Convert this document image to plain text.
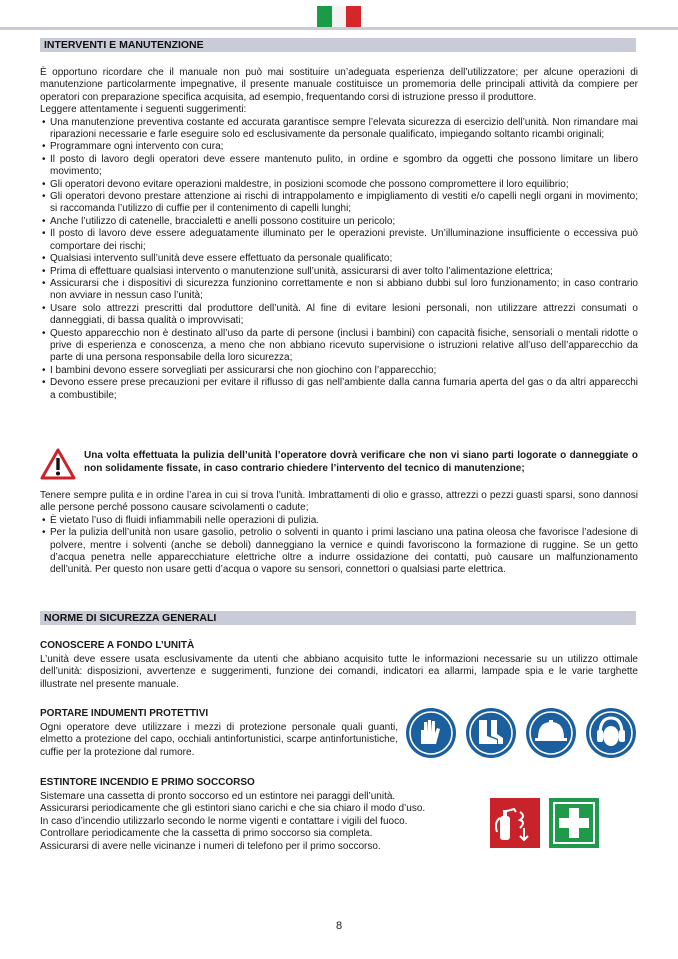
INTERVENTI E MANUTENZIONE

È opportuno ricordare che il manuale non può mai sostituire un’adeguata esperienza dell’utilizzatore; per alcune operazioni di manutenzione particolarmente impegnative, il presente manuale costituisce un promemoria delle principali attività da compiere per operatori con preparazione specifica acquisita, ad esempio, frequentando corsi di istruzione presso il produttore.

Leggere attentamente i seguenti suggerimenti:

• Una manutenzione preventiva costante ed accurata garantisce sempre l’elevata sicurezza di esercizio dell’unità. Non rimandare mai riparazioni necessarie e farle eseguire solo ed esclusivamente da personale qualificato, impiegando soltanto ricambi originali;
• Programmare ogni intervento con cura;
• Il posto di lavoro degli operatori deve essere mantenuto pulito, in ordine e sgombro da oggetti che possono limitare un libero movimento;
• Gli operatori devono evitare operazioni maldestre, in posizioni scomode che possono compromettere il loro equilibrio;
• Gli operatori devono prestare attenzione ai rischi di intrappolamento e impigliamento di vestiti e/o capelli negli organi in movimento; si raccomanda l’utilizzo di cuffie per il contenimento di capelli lunghi;
• Anche l’utilizzo di catenelle, braccialetti e anelli possono costituire un pericolo;
• Il posto di lavoro deve essere adeguatamente illuminato per le operazioni previste. Un’illuminazione insufficiente o eccessiva può comportare dei rischi;
• Qualsiasi intervento sull’unità deve essere effettuato da personale qualificato;
• Prima di effettuare qualsiasi intervento o manutenzione sull’unità, assicurarsi di aver tolto l’alimentazione elettrica;
• Assicurarsi che i dispositivi di sicurezza funzionino correttamente e non si abbiano dubbi sul loro funzionamento; in caso contrario non avviare in nessun caso l’unità;
• Usare solo attrezzi prescritti dal produttore dell’unità. Al fine di evitare lesioni personali, non utilizzare attrezzi consumati o danneggiati, di bassa qualità o improvvisati;
• Questo apparecchio non è destinato all’uso da parte di persone (inclusi i bambini) con capacità fisiche, sensoriali o mentali ridotte o prive di esperienza e conoscenza, a meno che non abbiano ricevuto supervisione o istruzioni relative all’uso dell’apparecchio da parte di una persona responsabile della loro sicurezza;
• I bambini devono essere sorvegliati per assicurarsi che non giochino con l’apparecchio;
• Devono essere prese precauzioni per evitare il riflusso di gas nell’ambiente dalla canna fumaria aperta del gas o da altri apparecchi a combustibile;
Una volta effettuata la pulizia dell’unità l’operatore dovrà verificare che non vi siano parti logorate o danneggiate o non solidamente fissate, in caso contrario chiedere l’intervento del tecnico di manutenzione;

Tenere sempre pulita e in ordine l’area in cui si trova l’unità. Imbrattamenti di olio e grasso, attrezzi o pezzi guasti sparsi, sono dannosi alle persone perché possono causare scivolamenti o cadute;

• È vietato l’uso di fluidi infiammabili nelle operazioni di pulizia.
• Per la pulizia dell’unità non usare gasolio, petrolio o solventi in quanto i primi lasciano una patina oleosa che favorisce l’adesione di polvere, mentre i solventi (anche se deboli) danneggiano la vernice e quindi favoriscono la formazione di ruggine. Se un getto d’acqua penetra nelle apparecchiature elettriche oltre a indurre ossidazione dei contatti, può causare un malfunzionamento dell’unità. Per questo non usare getti d’acqua o vapore su sensori, connettori o qualsiasi parte elettrica.
NORME DI SICUREZZA GENERALI
CONOSCERE A FONDO L’UNITÀ

L’unità deve essere usata esclusivamente da utenti che abbiano acquisito tutte le informazioni necessarie su un utilizzo ottimale dell’unità: disposizioni, avvertenze e suggerimenti, funzione dei comandi, indicatori ea allarmi, lampade spia e le varie targhette illustrate nel presente manuale.

PORTARE INDUMENTI PROTETTIVI

Ogni operatore deve utilizzare i mezzi di protezione personale quali guanti, elmetto a protezione del capo, occhiali antinfortunistici, scarpe antinfortunistiche, cuffie per la protezione dal rumore.

ESTINTORE INCENDIO E PRIMO SOCCORSO

Sistemare una cassetta di pronto soccorso ed un estintore nei paraggi dell’unità.

Assicurarsi periodicamente che gli estintori siano carichi e che sia chiaro il modo d’uso.

In caso d’incendio utilizzarlo secondo le norme vigenti e contattare i vigili del fuoco.

Controllare periodicamente che la cassetta di primo soccorso sia completa.

Assicurarsi di avere nelle vicinanze i numeri di telefono per il primo soccorso.

8
